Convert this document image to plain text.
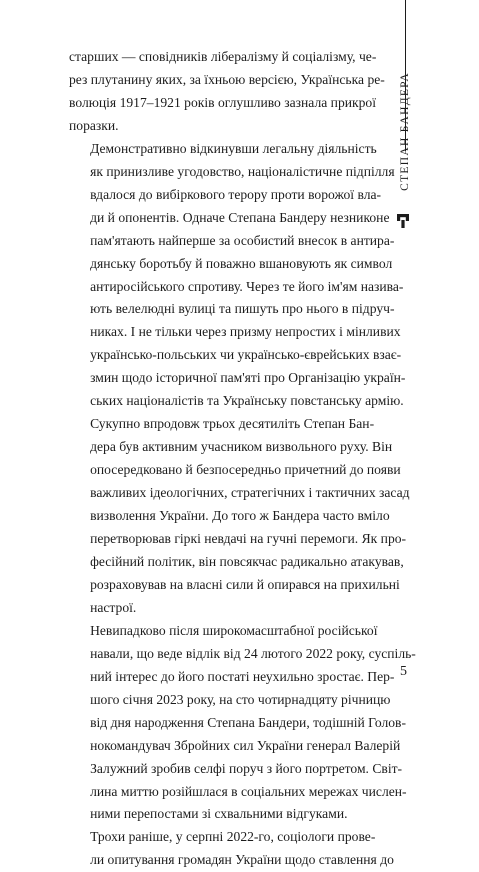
старших — сповідників лібералізму й соціалізму, че-
рез плутанину яких, за їхньою версією, Українська ре-
волюція 1917–1921 років оглушливо зазнала прикрої
поразки.

Демонстративно відкинувши легальну діяльність
як принизливе угодовство, націоналістичне підпілля
вдалося до вибіркового терору проти ворожої вла-
ди й опонентів. Одначе Степана Бандеру незниконе
пам'ятають найперше за особистий внесок в антира-
дянську боротьбу й поважно вшановують як символ
антиросійського спротиву. Через те його ім'ям назива-
ють велелюдні вулиці та пишуть про нього в підруч-
никах. І не тільки через призму непростих і мінливих
українсько-польських чи українсько-єврейських взає-
змин щодо історичної пам'яті про Організацію україн-
ських націоналістів та Українську повстанську армію.

Сукупно впродовж трьох десятиліть Степан Бан-
дера був активним учасником визвольного руху. Він
опосередковано й безпосередньо причетний до появи
важливих ідеологічних, стратегічних і тактичних засад
визволення України. До того ж Бандера часто вміло
перетворював гіркі невдачі на гучні перемоги. Як про-
фесійний політик, він повсякчас радикально атакував,
розраховував на власні сили й опирався на прихильні
настрої.

Невипадково після широкомасштабної російської
навали, що веде відлік від 24 лютого 2022 року, суспіль-
ний інтерес до його постаті неухильно зростає. Пер-
шого січня 2023 року, на сто чотирнадцяту річницю
від дня народження Степана Бандери, тодішній Голов-
нокомандувач Збройних сил України генерал Валерій
Залужний зробив селфі поруч з його портретом. Світ-
лина миттю розійшлася в соціальних мережах числен-
ними перепостами зі схвальними відгуками.

Трохи раніше, у серпні 2022-го, соціологи прове-
ли опитування громадян України щодо ставлення до

СТЕПАН БАНДЕРА
5
